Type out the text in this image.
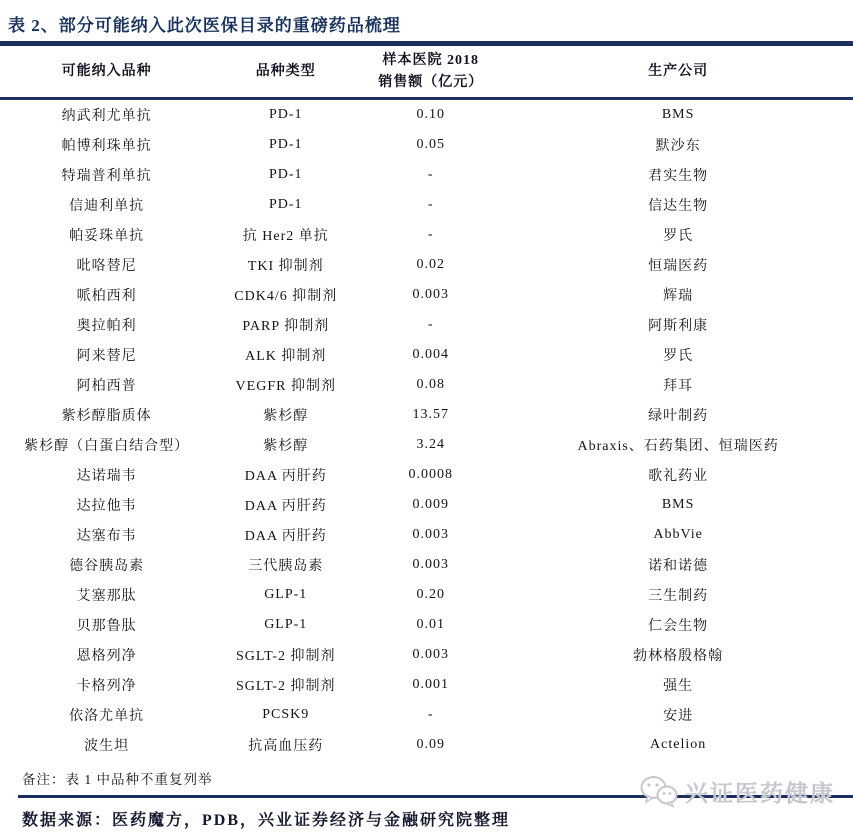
表 2、部分可能纳入此次医保目录的重磅药品梳理
可能纳入品种	品种类型	样本医院 2018
销售额（亿元）	生产公司

纳武利尤单抗	PD-1	0.10	BMS
帕博利珠单抗	PD-1	0.05	默沙东
特瑞普利单抗	PD-1	-	君实生物
信迪利单抗	PD-1	-	信达生物
帕妥珠单抗	抗 Her2 单抗	-	罗氏
吡咯替尼	TKI 抑制剂	0.02	恒瑞医药
哌柏西利	CDK4/6 抑制剂	0.003	辉瑞
奥拉帕利	PARP 抑制剂	-	阿斯利康
阿来替尼	ALK 抑制剂	0.004	罗氏
阿柏西普	VEGFR 抑制剂	0.08	拜耳
紫杉醇脂质体	紫杉醇	13.57	绿叶制药
紫杉醇（白蛋白结合型）	紫杉醇	3.24	Abraxis、石药集团、恒瑞医药
达诺瑞韦	DAA 丙肝药	0.0008	歌礼药业
达拉他韦	DAA 丙肝药	0.009	BMS
达塞布韦	DAA 丙肝药	0.003	AbbVie
德谷胰岛素	三代胰岛素	0.003	诺和诺德
艾塞那肽	GLP-1	0.20	三生制药
贝那鲁肽	GLP-1	0.01	仁会生物
恩格列净	SGLT-2 抑制剂	0.003	勃林格殷格翰
卡格列净	SGLT-2 抑制剂	0.001	强生
依洛尤单抗	PCSK9	-	安进
波生坦	抗高血压药	0.09	Actelion
备注：表 1 中品种不重复列举
数据来源：医药魔方，PDB，兴业证券经济与金融研究院整理
兴证医药健康
